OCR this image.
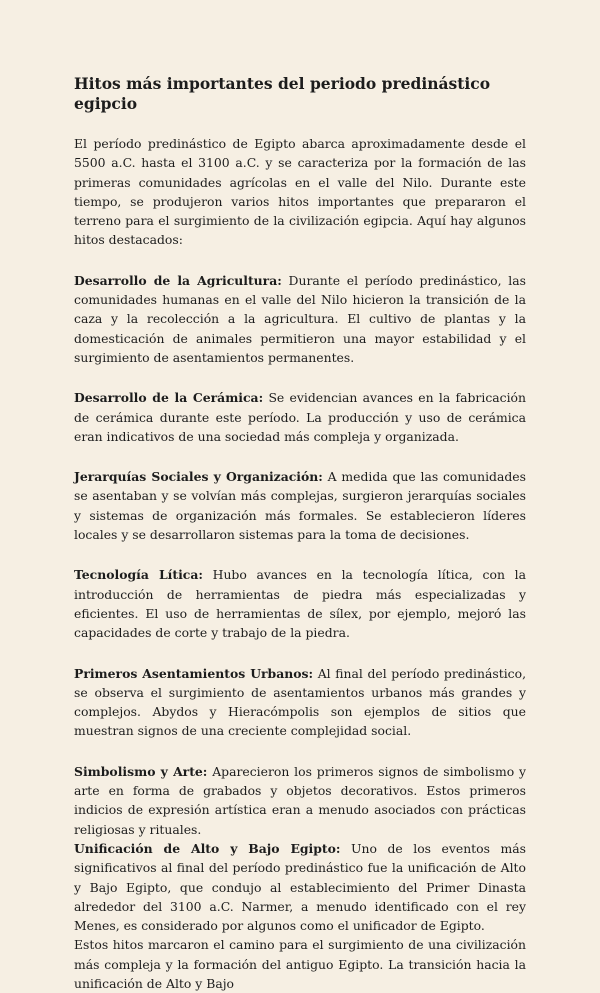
Hitos más importantes del periodo predinástico egipcio

El período predinástico de Egipto abarca aproximadamente desde el 5500 a.C. hasta el 3100 a.C. y se caracteriza por la formación de las primeras comunidades agrícolas en el valle del Nilo. Durante este tiempo, se produjeron varios hitos importantes que prepararon el terreno para el surgimiento de la civilización egipcia. Aquí hay algunos hitos destacados:

Desarrollo de la Agricultura: Durante el período predinástico, las comunidades humanas en el valle del Nilo hicieron la transición de la caza y la recolección a la agricultura. El cultivo de plantas y la domesticación de animales permitieron una mayor estabilidad y el surgimiento de asentamientos permanentes.

Desarrollo de la Cerámica: Se evidencian avances en la fabricación de cerámica durante este período. La producción y uso de cerámica eran indicativos de una sociedad más compleja y organizada.

Jerarquías Sociales y Organización: A medida que las comunidades se asentaban y se volvían más complejas, surgieron jerarquías sociales y sistemas de organización más formales. Se establecieron líderes locales y se desarrollaron sistemas para la toma de decisiones.

Tecnología Lítica: Hubo avances en la tecnología lítica, con la introducción de herramientas de piedra más especializadas y eficientes. El uso de herramientas de sílex, por ejemplo, mejoró las capacidades de corte y trabajo de la piedra.

Primeros Asentamientos Urbanos: Al final del período predinástico, se observa el surgimiento de asentamientos urbanos más grandes y complejos. Abydos y Hieracómpolis son ejemplos de sitios que muestran signos de una creciente complejidad social.

Simbolismo y Arte: Aparecieron los primeros signos de simbolismo y arte en forma de grabados y objetos decorativos. Estos primeros indicios de expresión artística eran a menudo asociados con prácticas religiosas y rituales.

Unificación de Alto y Bajo Egipto: Uno de los eventos más significativos al final del período predinástico fue la unificación de Alto y Bajo Egipto, que condujo al establecimiento del Primer Dinasta alrededor del 3100 a.C. Narmer, a menudo identificado con el rey Menes, es considerado por algunos como el unificador de Egipto.

Estos hitos marcaron el camino para el surgimiento de una civilización más compleja y la formación del antiguo Egipto. La transición hacia la unificación de Alto y Bajo
